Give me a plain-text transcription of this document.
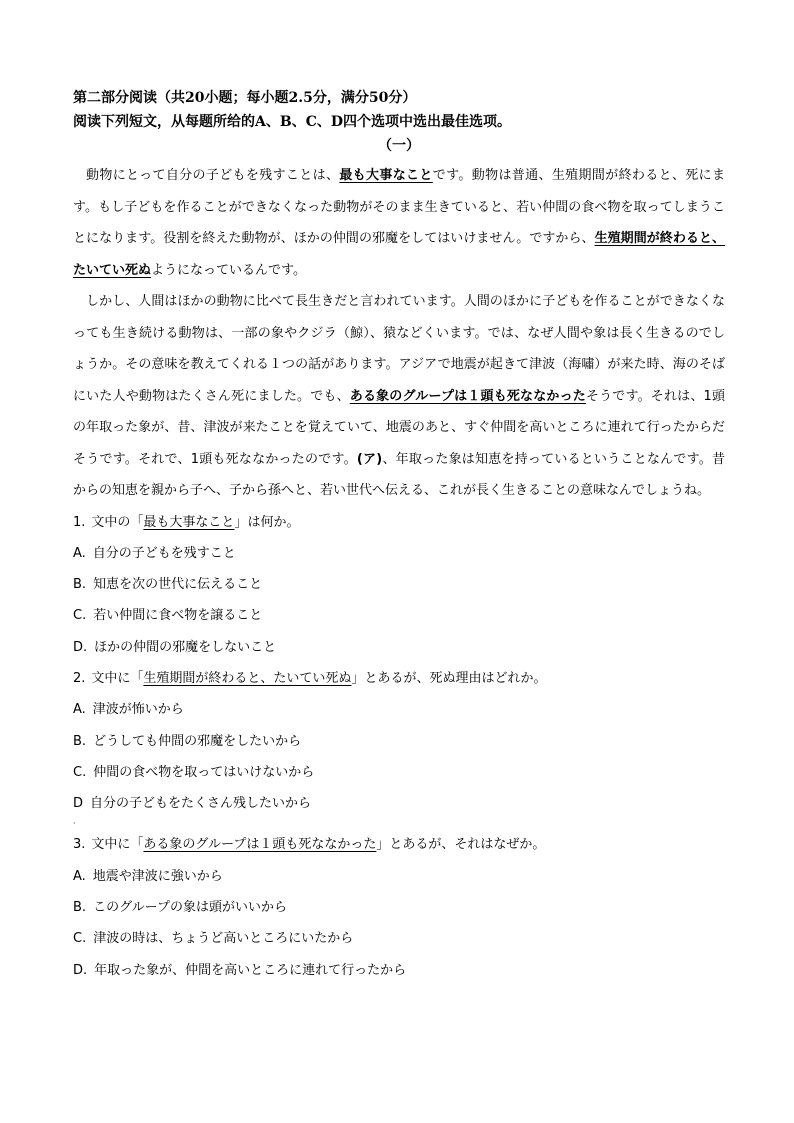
第二部分阅读（共20小题；每小题2.5分，满分50分）
阅读下列短文，从每题所给的A、B、C、D四个选项中选出最佳选项。
（一）

動物にとって自分の子どもを残すことは、最も大事なことです。動物は普通、生殖期間が終わると、死にます。もし子どもを作ることができなくなった動物がそのまま生きていると、若い仲間の食べ物を取ってしまうことになります。役割を終えた動物が、ほかの仲間の邪魔をしてはいけません。ですから、生殖期間が終わると、たいてい死ぬようになっているんです。

しかし、人間はほかの動物に比べて長生きだと言われています。人間のほかに子どもを作ることができなくなっても生き続ける動物は、一部の象やクジラ（鯨）、猿などくいます。では、なぜ人間や象は長く生きるのでしょうか。その意味を教えてくれる１つの話があります。アジアで地震が起きて津波（海嘯）が来た時、海のそばにいた人や動物はたくさん死にました。でも、ある象のグループは１頭も死ななかったそうです。それは、1頭の年取った象が、昔、津波が来たことを覚えていて、地震のあと、すぐ仲間を高いところに連れて行ったからだそうです。それで、1頭も死ななかったのです。(ア)、年取った象は知恵を持っているということなんです。昔からの知恵を親から子へ、子から孫へと、若い世代へ伝える、これが長く生きることの意味なんでしょうね。

1. 文中の「最も大事なこと」は何か。

A. 自分の子どもを残すこと

B. 知恵を次の世代に伝えること

C. 若い仲間に食べ物を譲ること

D. ほかの仲間の邪魔をしないこと

2. 文中に「生殖期間が終わると、たいてい死ぬ」とあるが、死ぬ理由はどれか。

A. 津波が怖いから

B. どうしても仲間の邪魔をしたいから

C. 仲間の食べ物を取ってはいけないから

D 自分の子どもをたくさん残したいから

·

3. 文中に「ある象のグループは１頭も死ななかった」とあるが、それはなぜか。

A. 地震や津波に強いから

B. このグループの象は頭がいいから

C. 津波の時は、ちょうど高いところにいたから

D. 年取った象が、仲間を高いところに連れて行ったから
